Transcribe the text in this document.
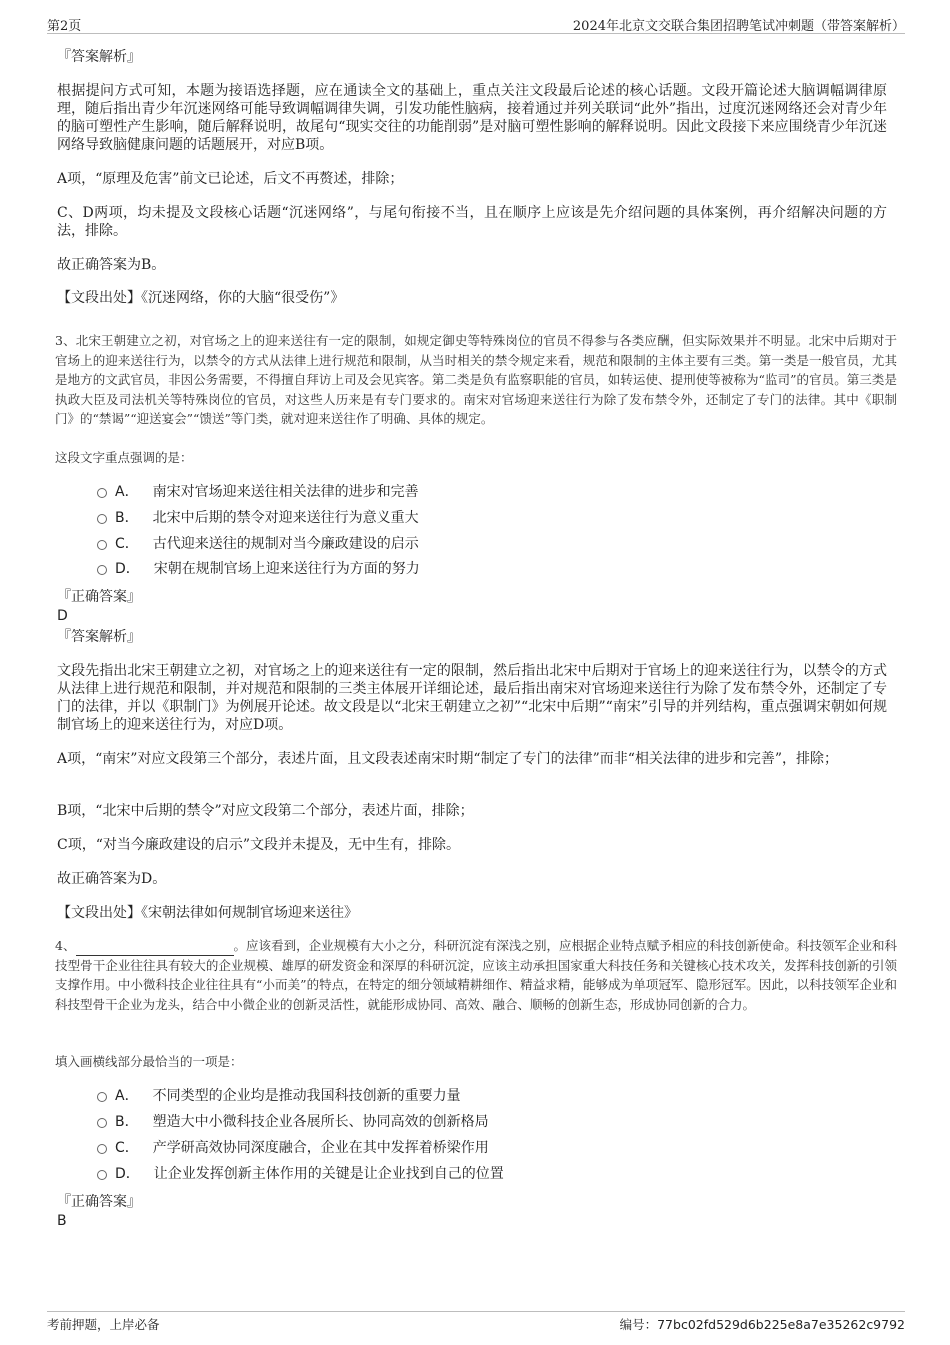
第2页	2024年北京文交联合集团招聘笔试冲刺题（带答案解析）
『答案解析』
根据提问方式可知，本题为接语选择题，应在通读全文的基础上，重点关注文段最后论述的核心话题。文段开篇论述大脑调幅调律原理，随后指出青少年沉迷网络可能导致调幅调律失调，引发功能性脑病，接着通过并列关联词“此外”指出，过度沉迷网络还会对青少年的脑可塑性产生影响，随后解释说明，故尾句“现实交往的功能削弱”是对脑可塑性影响的解释说明。因此文段接下来应围绕青少年沉迷网络导致脑健康问题的话题展开，对应B项。
A项，“原理及危害”前文已论述，后文不再赘述，排除；
C、D两项，均未提及文段核心话题“沉迷网络”，与尾句衔接不当，且在顺序上应该是先介绍问题的具体案例，再介绍解决问题的方法，排除。
故正确答案为B。
【文段出处】《沉迷网络，你的大脑“很受伤”》
3、北宋王朝建立之初，对官场之上的迎来送往有一定的限制，如规定御史等特殊岗位的官员不得参与各类应酬，但实际效果并不明显。北宋中后期对于官场上的迎来送往行为，以禁令的方式从法律上进行规范和限制，从当时相关的禁令规定来看，规范和限制的主体主要有三类。第一类是一般官员，尤其是地方的文武官员，非因公务需要，不得擅自拜访上司及会见宾客。第二类是负有监察职能的官员，如转运使、提刑使等被称为“监司”的官员。第三类是执政大臣及司法机关等特殊岗位的官员，对这些人历来是有专门要求的。南宋对官场迎来送往行为除了发布禁令外，还制定了专门的法律。其中《职制门》的“禁谒”“迎送宴会”“馈送”等门类，就对迎来送往作了明确、具体的规定。
这段文字重点强调的是：
A． 南宋对官场迎来送往相关法律的进步和完善
B． 北宋中后期的禁令对迎来送往行为意义重大
C． 古代迎来送往的规制对当今廉政建设的启示
D． 宋朝在规制官场上迎来送往行为方面的努力
『正确答案』
D
『答案解析』
文段先指出北宋王朝建立之初，对官场之上的迎来送往有一定的限制，然后指出北宋中后期对于官场上的迎来送往行为，以禁令的方式从法律上进行规范和限制，并对规范和限制的三类主体展开详细论述，最后指出南宋对官场迎来送往行为除了发布禁令外，还制定了专门的法律，并以《职制门》为例展开论述。故文段是以“北宋王朝建立之初”“北宋中后期”“南宋”引导的并列结构，重点强调宋朝如何规制官场上的迎来送往行为，对应D项。
A项，“南宋”对应文段第三个部分，表述片面，且文段表述南宋时期“制定了专门的法律”而非“相关法律的进步和完善”，排除；
B项，“北宋中后期的禁令”对应文段第二个部分，表述片面，排除；
C项，“对当今廉政建设的启示”文段并未提及，无中生有，排除。
故正确答案为D。
【文段出处】《宋朝法律如何规制官场迎来送往》
4、	。应该看到，企业规模有大小之分，科研沉淀有深浅之别，应根据企业特点赋予相应的科技创新使命。科技领军企业和科技型骨干企业往往具有较大的企业规模、雄厚的研发资金和深厚的科研沉淀，应该主动承担国家重大科技任务和关键核心技术攻关，发挥科技创新的引领支撑作用。中小微科技企业往往具有“小而美”的特点，在特定的细分领域精耕细作、精益求精，能够成为单项冠军、隐形冠军。因此，以科技领军企业和科技型骨干企业为龙头，结合中小微企业的创新灵活性，就能形成协同、高效、融合、顺畅的创新生态，形成协同创新的合力。
填入画横线部分最恰当的一项是：
A． 不同类型的企业均是推动我国科技创新的重要力量
B． 塑造大中小微科技企业各展所长、协同高效的创新格局
C． 产学研高效协同深度融合，企业在其中发挥着桥梁作用
D． 让企业发挥创新主体作用的关键是让企业找到自己的位置
『正确答案』
B
考前押题，上岸必备	编号：77bc02fd529d6b225e8a7e35262c9792
